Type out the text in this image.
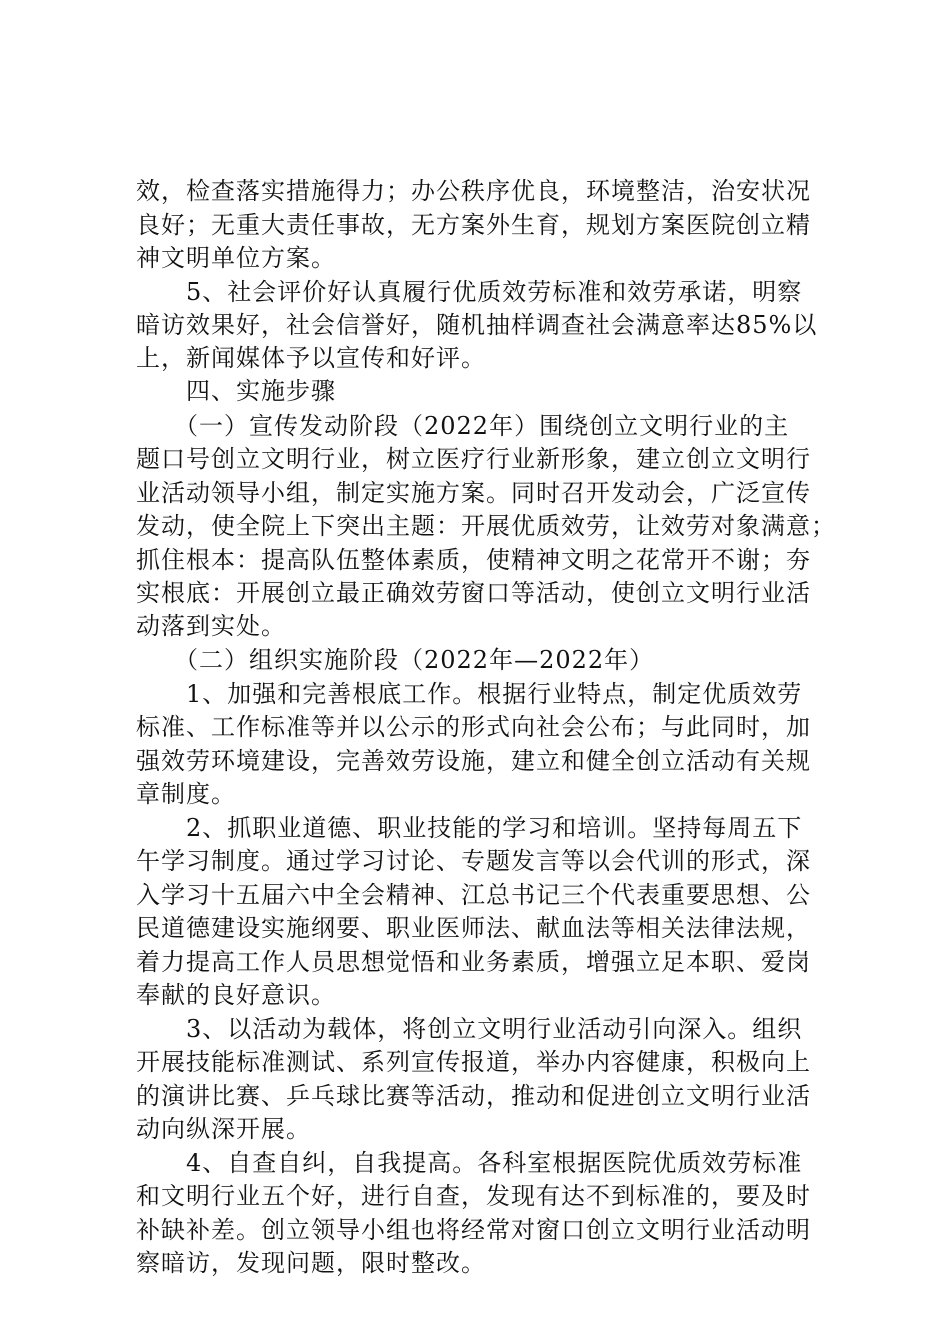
效，检查落实措施得力；办公秩序优良，环境整洁，治安状况
良好；无重大责任事故，无方案外生育，规划方案医院创立精
神文明单位方案。
5、社会评价好认真履行优质效劳标准和效劳承诺，明察
暗访效果好，社会信誉好，随机抽样调查社会满意率达85%以
上，新闻媒体予以宣传和好评。
四、实施步骤
（一）宣传发动阶段（2022年）围绕创立文明行业的主
题口号创立文明行业，树立医疗行业新形象，建立创立文明行
业活动领导小组，制定实施方案。同时召开发动会，广泛宣传
发动，使全院上下突出主题：开展优质效劳，让效劳对象满意；
抓住根本：提高队伍整体素质，使精神文明之花常开不谢；夯
实根底：开展创立最正确效劳窗口等活动，使创立文明行业活
动落到实处。
（二）组织实施阶段（2022年—2022年）
1、加强和完善根底工作。根据行业特点，制定优质效劳
标准、工作标准等并以公示的形式向社会公布；与此同时，加
强效劳环境建设，完善效劳设施，建立和健全创立活动有关规
章制度。
2、抓职业道德、职业技能的学习和培训。坚持每周五下
午学习制度。通过学习讨论、专题发言等以会代训的形式，深
入学习十五届六中全会精神、江总书记三个代表重要思想、公
民道德建设实施纲要、职业医师法、献血法等相关法律法规，
着力提高工作人员思想觉悟和业务素质，增强立足本职、爱岗
奉献的良好意识。
3、以活动为载体，将创立文明行业活动引向深入。组织
开展技能标准测试、系列宣传报道，举办内容健康，积极向上
的演讲比赛、乒乓球比赛等活动，推动和促进创立文明行业活
动向纵深开展。
4、自查自纠，自我提高。各科室根据医院优质效劳标准
和文明行业五个好，进行自查，发现有达不到标准的，要及时
补缺补差。创立领导小组也将经常对窗口创立文明行业活动明
察暗访，发现问题，限时整改。
